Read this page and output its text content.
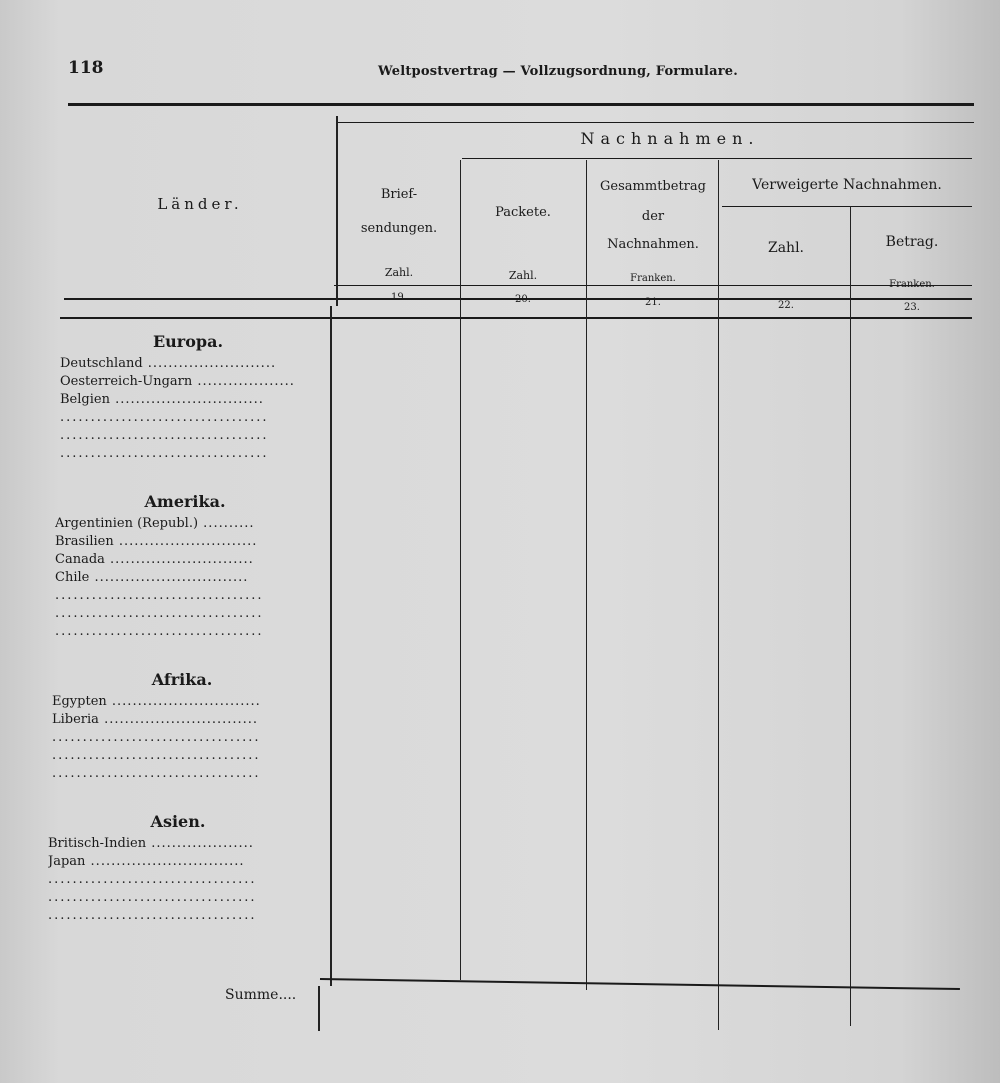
118	Weltpostvertrag — Vollzugsordnung, Formulare.
Länder.
Nachnahmen.
Brief-
sendungen.
Zahl.
19.
Packete.
Zahl.
20.
Gesammtbetrag
der
Nachnahmen.
Franken.
21.
Verweigerte Nachnahmen.
Zahl.
22.
Betrag.
Franken.
23.
Europa.
Deutschland .........................
Oesterreich-Ungarn ...................
Belgien .............................
..................................
..................................
..................................
Amerika.
Argentinien (Republ.) ..........
Brasilien ...........................
Canada ............................
Chile ..............................
..................................
..................................
..................................
Afrika.
Egypten .............................
Liberia ..............................
..................................
..................................
..................................
Asien.
Britisch-Indien ....................
Japan ..............................
..................................
..................................
..................................
Summe....
